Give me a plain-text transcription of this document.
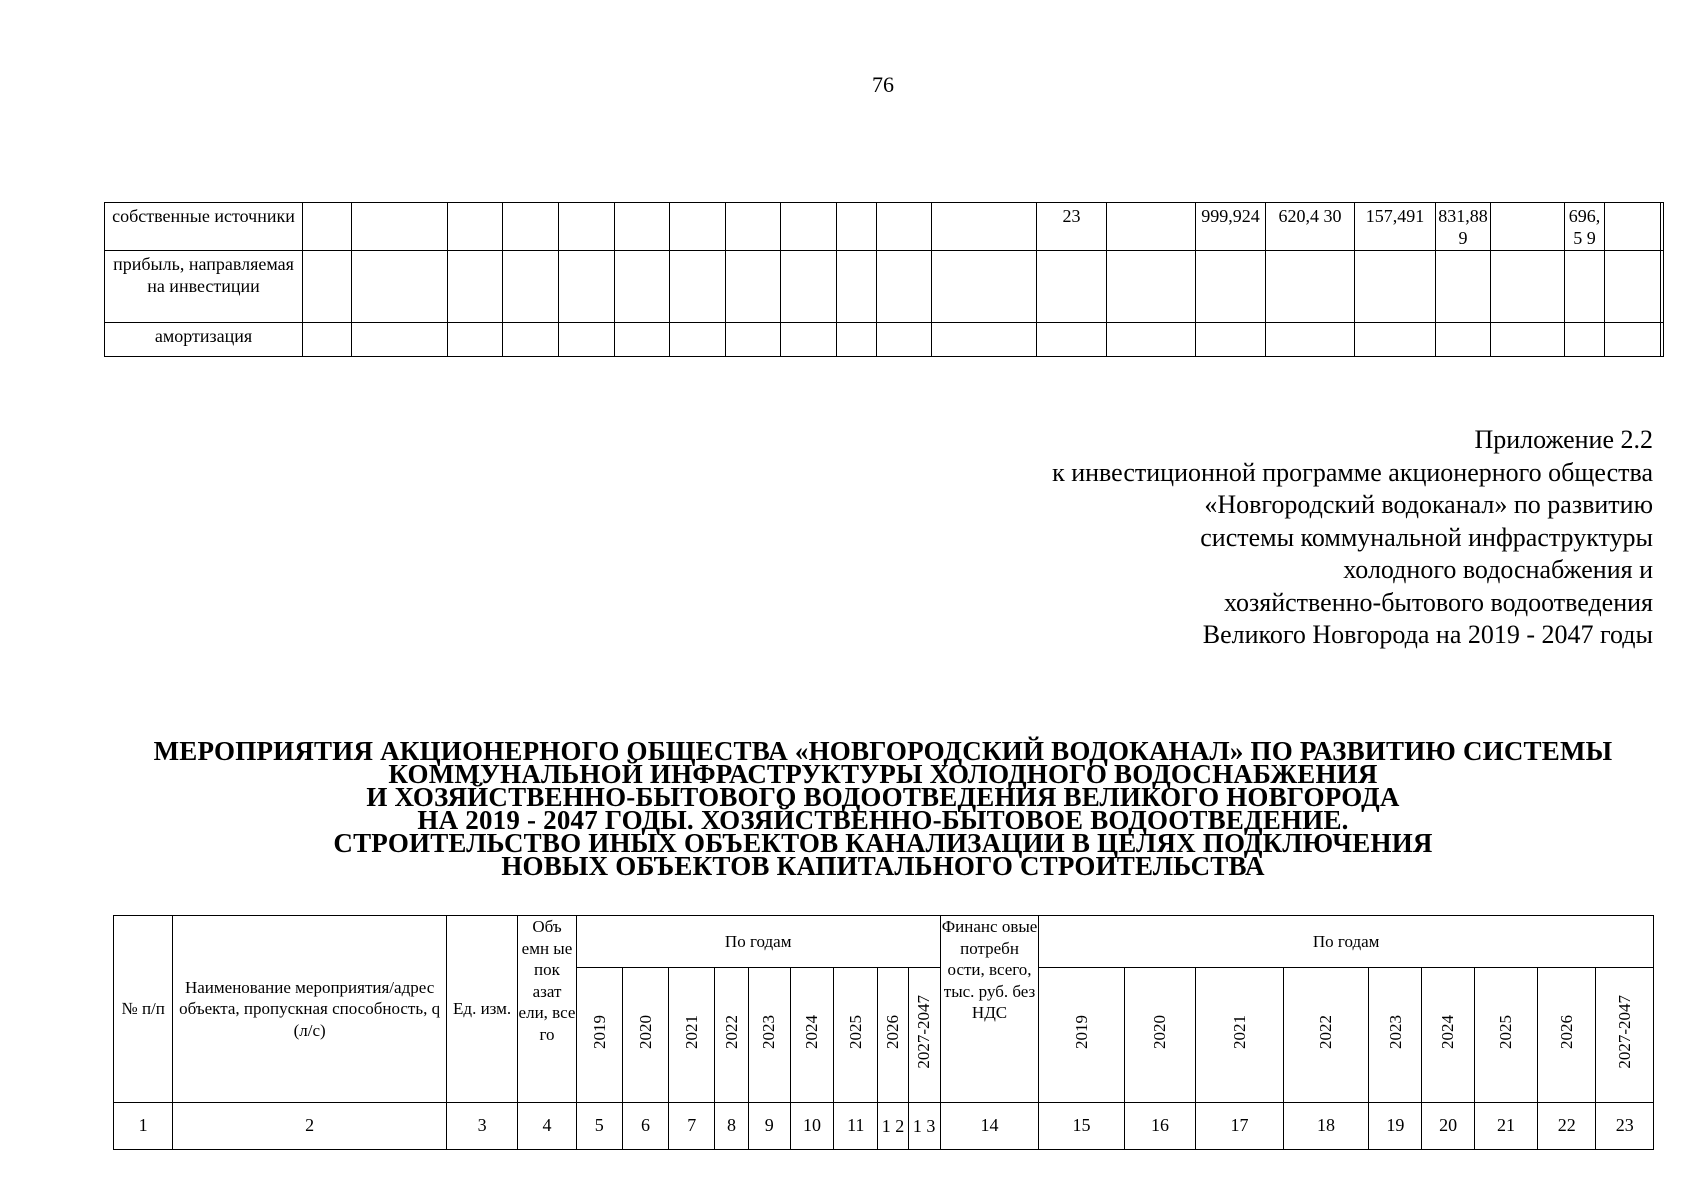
76
собственные источники													23		999,924	620,4 30	157,491	831,88 9		696,5 9		
прибыль, направляемая на инвестиции																						
амортизация																						
Приложение 2.2
к инвестиционной программе акционерного общества
«Новгородский водоканал» по развитию
системы коммунальной инфраструктуры
холодного водоснабжения и
хозяйственно-бытового водоотведения
Великого Новгорода на 2019 - 2047 годы
МЕРОПРИЯТИЯ АКЦИОНЕРНОГО ОБЩЕСТВА «НОВГОРОДСКИЙ ВОДОКАНАЛ» ПО РАЗВИТИЮ СИСТЕМЫ
КОММУНАЛЬНОЙ ИНФРАСТРУКТУРЫ ХОЛОДНОГО ВОДОСНАБЖЕНИЯ
И ХОЗЯЙСТВЕННО-БЫТОВОГО ВОДООТВЕДЕНИЯ ВЕЛИКОГО НОВГОРОДА
НА 2019 - 2047 ГОДЫ. ХОЗЯЙСТВЕННО-БЫТОВОЕ ВОДООТВЕДЕНИЕ.
СТРОИТЕЛЬСТВО ИНЫХ ОБЪЕКТОВ КАНАЛИЗАЦИИ В ЦЕЛЯХ ПОДКЛЮЧЕНИЯ
НОВЫХ ОБЪЕКТОВ КАПИТАЛЬНОГО СТРОИТЕЛЬСТВА
№ п/п	Наименование мероприятия/адрес объекта, пропускная способность, q (л/с)	Ед. изм.	Объ емн ые пок азат ели, все го	По годам									Финанс овые потребн ости, всего, тыс. руб. без НДС	По годам								
				2019	2020	2021	2022	2023	2024	2025	2026	2027-2047		2019	2020	2021	2022	2023	2024	2025	2026	2027-2047
1	2	3	4	5	6	7	8	9	10	11	1 2	1 3	14	15	16	17	18	19	20	21	22	23
